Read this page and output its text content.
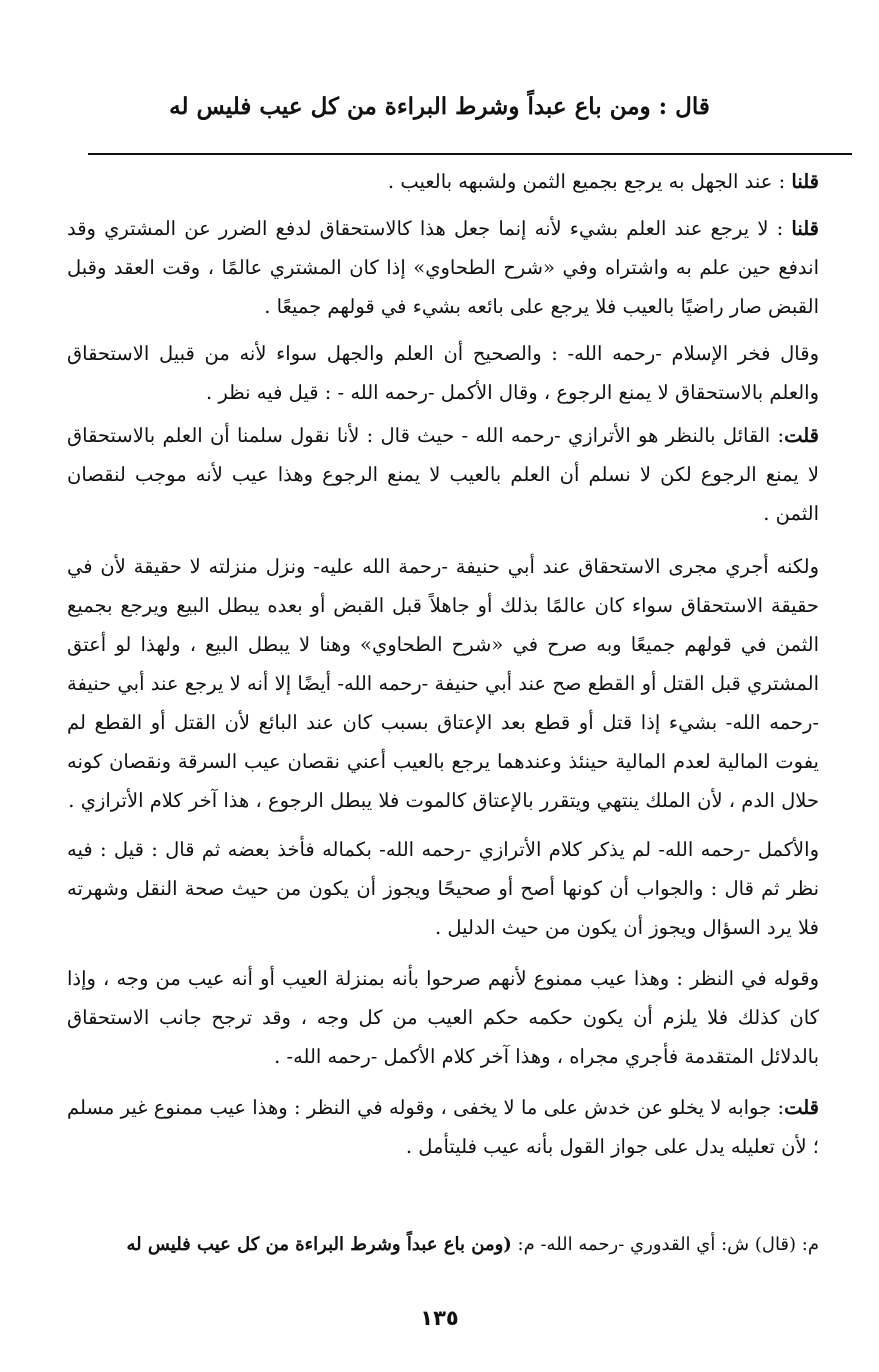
قال : ومن باع عبداً وشرط البراءة من كل عيب فليس له

قلنا : عند الجهل به يرجع بجميع الثمن ولشبهه بالعيب .

قلنا : لا يرجع عند العلم بشيء لأنه إنما جعل هذا كالاستحقاق لدفع الضرر عن المشتري وقد اندفع حين علم به واشتراه وفي «شرح الطحاوي» إذا كان المشتري عالمًا ، وقت العقد وقبل القبض صار راضيًا بالعيب فلا يرجع على بائعه بشيء في قولهم جميعًا .

وقال فخر الإسلام -رحمه الله- : والصحيح أن العلم والجهل سواء لأنه من قبيل الاستحقاق والعلم بالاستحقاق لا يمنع الرجوع ، وقال الأكمل -رحمه الله - : قيل فيه نظر .

قلت: القائل بالنظر هو الأترازي -رحمه الله - حيث قال : لأنا نقول سلمنا أن العلم بالاستحقاق لا يمنع الرجوع لكن لا نسلم أن العلم بالعيب لا يمنع الرجوع وهذا عيب لأنه موجب لنقصان الثمن .

ولكنه أجري مجرى الاستحقاق عند أبي حنيفة -رحمة الله عليه- ونزل منزلته لا حقيقة لأن في حقيقة الاستحقاق سواء كان عالمًا بذلك أو جاهلاً قبل القبض أو بعده يبطل البيع ويرجع بجميع الثمن في قولهم جميعًا وبه صرح في «شرح الطحاوي» وهنا لا يبطل البيع ، ولهذا لو أعتق المشتري قبل القتل أو القطع صح عند أبي حنيفة -رحمه الله- أيضًا إلا أنه لا يرجع عند أبي حنيفة -رحمه الله- بشيء إذا قتل أو قطع بعد الإعتاق بسبب كان عند البائع لأن القتل أو القطع لم يفوت المالية لعدم المالية حينئذ وعندهما يرجع بالعيب أعني نقصان عيب السرقة ونقصان كونه حلال الدم ، لأن الملك ينتهي ويتقرر بالإعتاق كالموت فلا يبطل الرجوع ، هذا آخر كلام الأترازي .

والأكمل -رحمه الله- لم يذكر كلام الأترازي -رحمه الله- بكماله فأخذ بعضه ثم قال : قيل : فيه نظر ثم قال : والجواب أن كونها أصح أو صحيحًا ويجوز أن يكون من حيث صحة النقل وشهرته فلا يرد السؤال ويجوز أن يكون من حيث الدليل .

وقوله في النظر : وهذا عيب ممنوع لأنهم صرحوا بأنه بمنزلة العيب أو أنه عيب من وجه ، وإذا كان كذلك فلا يلزم أن يكون حكمه حكم العيب من كل وجه ، وقد ترجح جانب الاستحقاق بالدلائل المتقدمة فأجري مجراه ، وهذا آخر كلام الأكمل -رحمه الله- .

قلت: جوابه لا يخلو عن خدش على ما لا يخفى ، وقوله في النظر : وهذا عيب ممنوع غير مسلم ؛ لأن تعليله يدل على جواز القول بأنه عيب فليتأمل .

م: (قال) ش: أي القدوري -رحمه الله- م: (ومن باع عبداً وشرط البراءة من كل عيب فليس له
١٣٥
